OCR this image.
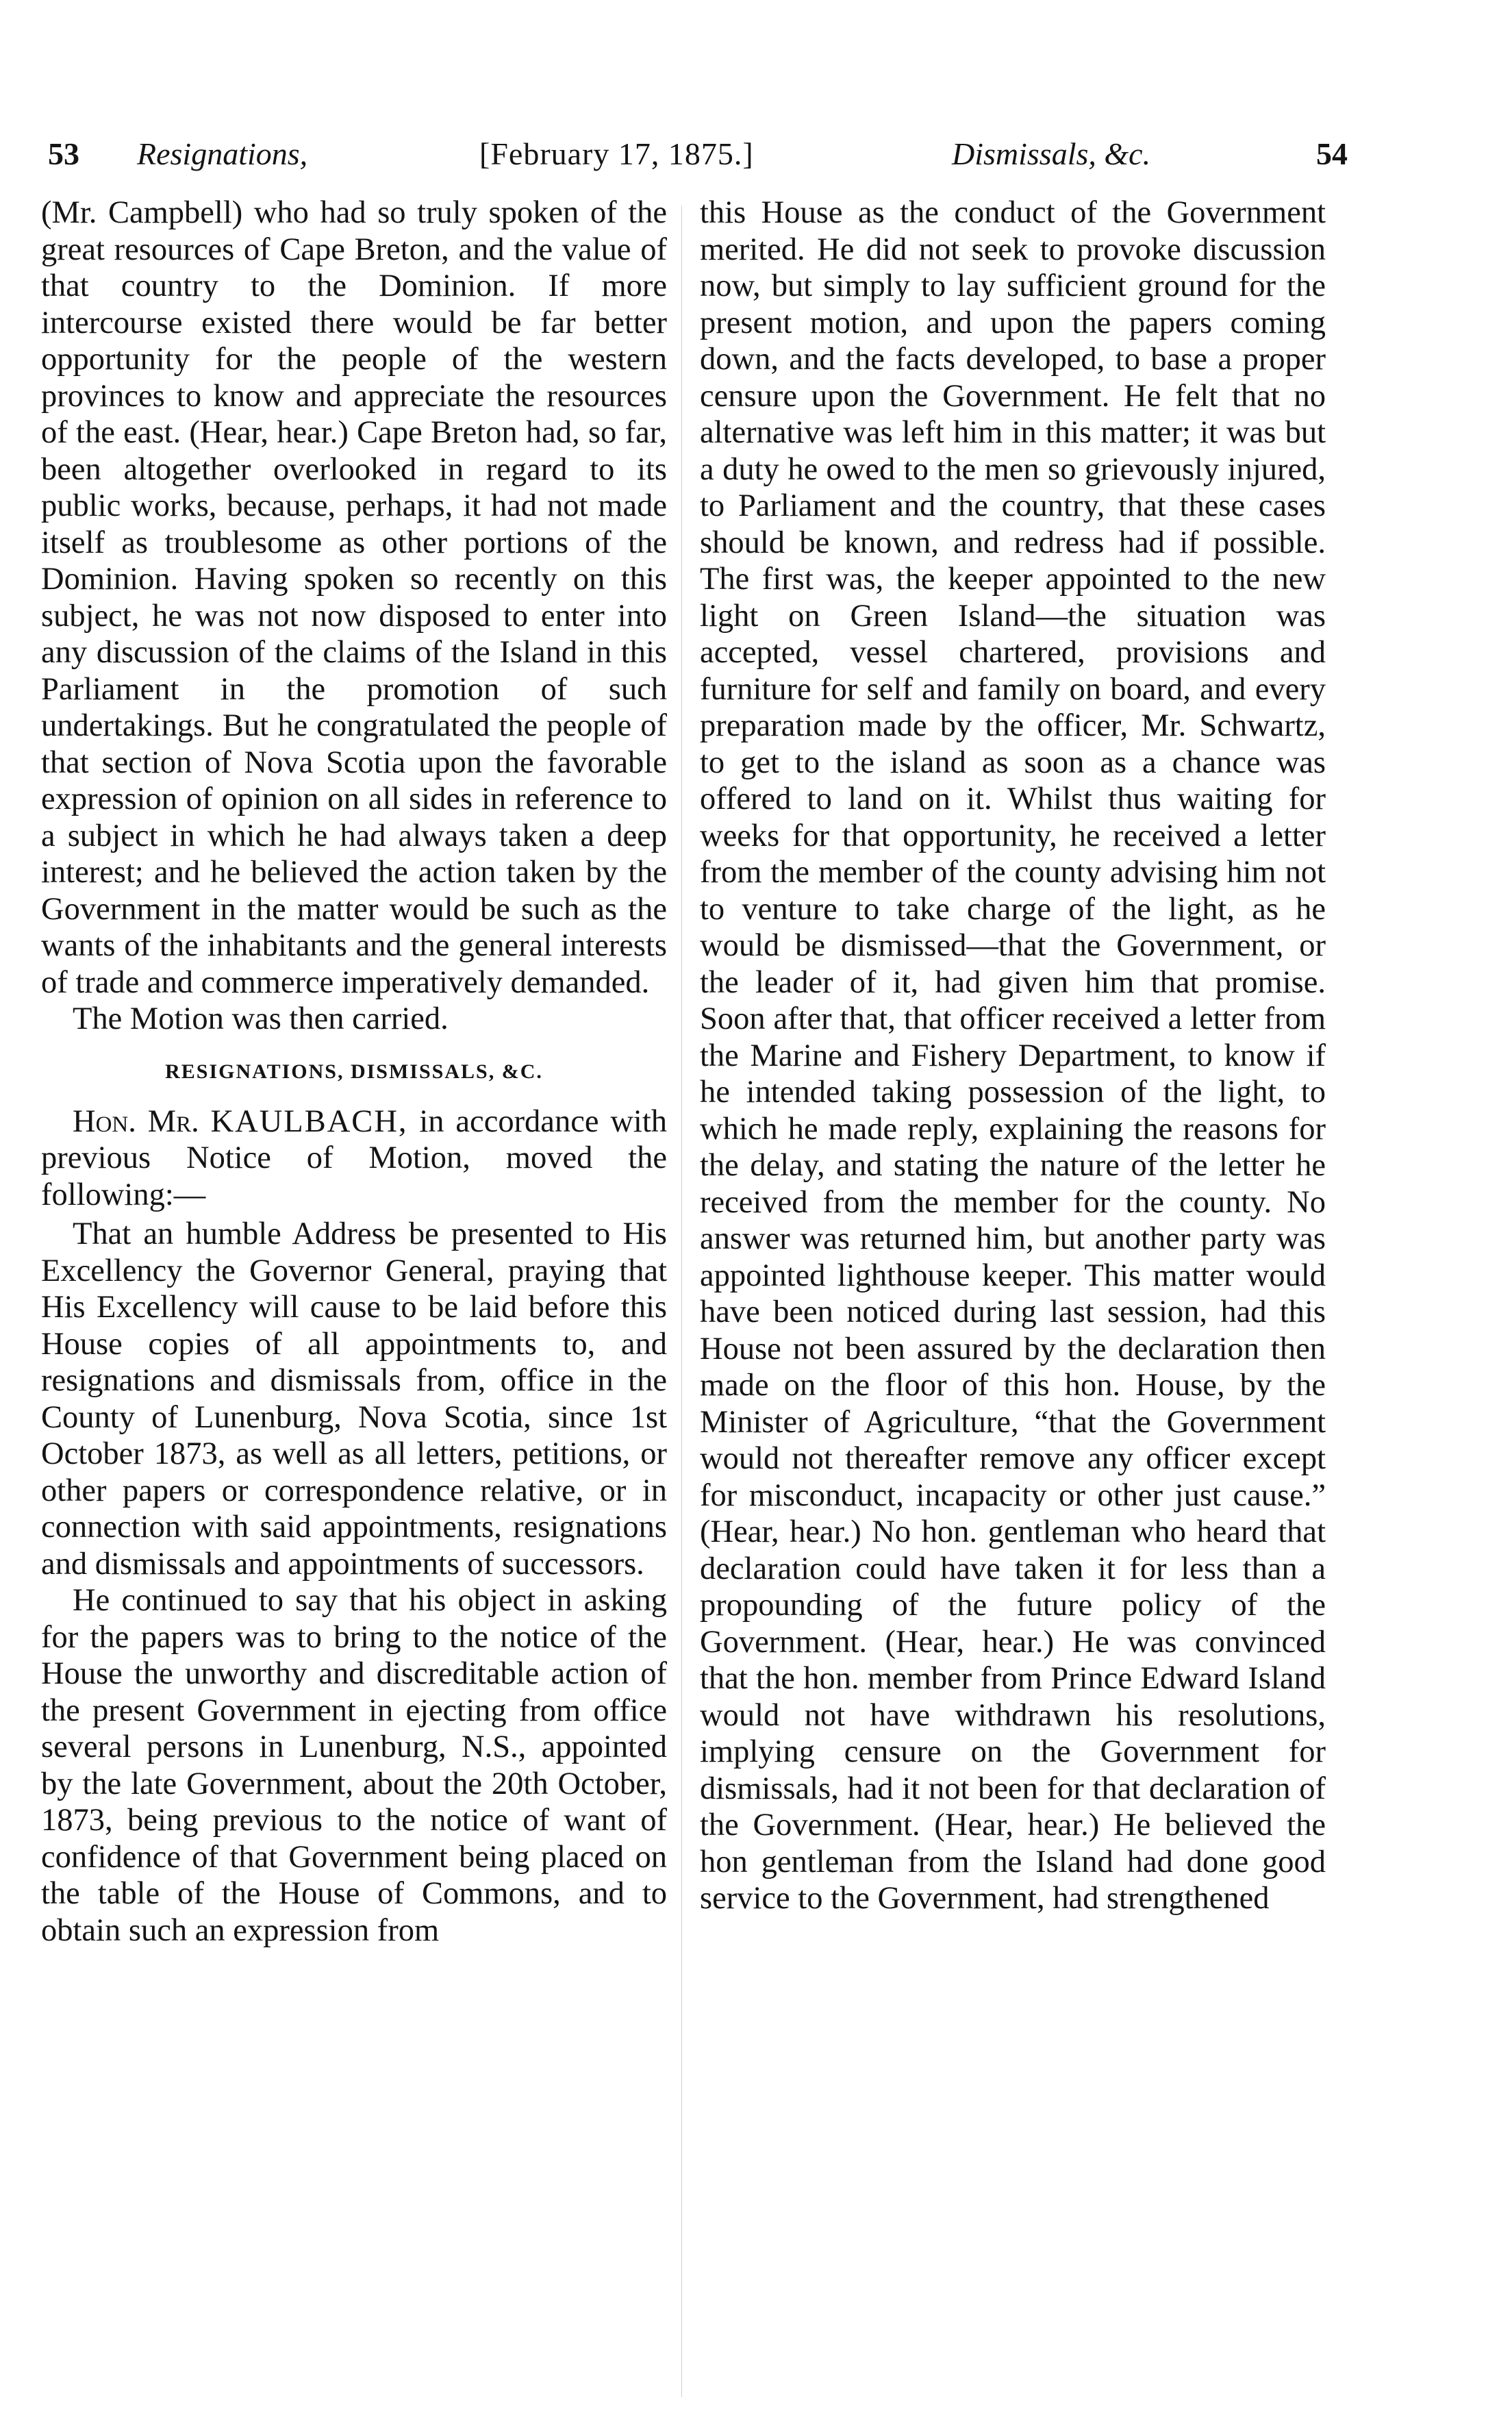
53 Resignations,	[February 17, 1875.]	Dismissals, &c.	54

(Mr. Campbell) who had so truly spoken of the great resources of Cape Breton, and the value of that country to the Dominion. If more intercourse existed there would be far better opportunity for the people of the western provinces to know and appreciate the resources of the east. (Hear, hear.) Cape Breton had, so far, been altogether overlooked in regard to its public works, because, perhaps, it had not made itself as troublesome as other portions of the Dominion. Having spoken so recently on this subject, he was not now disposed to enter into any discussion of the claims of the Island in this Parliament in the promotion of such undertakings. But he congratulated the people of that section of Nova Scotia upon the favorable expression of opinion on all sides in reference to a subject in which he had always taken a deep interest; and he believed the action taken by the Government in the matter would be such as the wants of the inhabitants and the general interests of trade and commerce imperatively demanded.

The Motion was then carried.

RESIGNATIONS, DISMISSALS, &C.

Hon. Mr. KAULBACH, in accordance with previous Notice of Motion, moved the following:—

That an humble Address be presented to His Excellency the Governor General, praying that His Excellency will cause to be laid before this House copies of all appointments to, and resignations and dismissals from, office in the County of Lunenburg, Nova Scotia, since 1st October 1873, as well as all letters, petitions, or other papers or correspondence relative, or in connection with said appointments, resignations and dismissals and appointments of successors.

He continued to say that his object in asking for the papers was to bring to the notice of the House the unworthy and discreditable action of the present Government in ejecting from office several persons in Lunenburg, N.S., appointed by the late Government, about the 20th October, 1873, being previous to the notice of want of confidence of that Government being placed on the table of the House of Commons, and to obtain such an expression from

this House as the conduct of the Government merited. He did not seek to provoke discussion now, but simply to lay sufficient ground for the present motion, and upon the papers coming down, and the facts developed, to base a proper censure upon the Government. He felt that no alternative was left him in this matter; it was but a duty he owed to the men so grievously injured, to Parliament and the country, that these cases should be known, and redress had if possible. The first was, the keeper appointed to the new light on Green Island—the situation was accepted, vessel chartered, provisions and furniture for self and family on board, and every preparation made by the officer, Mr. Schwartz, to get to the island as soon as a chance was offered to land on it. Whilst thus waiting for weeks for that opportunity, he received a letter from the member of the county advising him not to venture to take charge of the light, as he would be dismissed—that the Government, or the leader of it, had given him that promise. Soon after that, that officer received a letter from the Marine and Fishery Department, to know if he intended taking possession of the light, to which he made reply, explaining the reasons for the delay, and stating the nature of the letter he received from the member for the county. No answer was returned him, but another party was appointed lighthouse keeper. This matter would have been noticed during last session, had this House not been assured by the declaration then made on the floor of this hon. House, by the Minister of Agriculture, “that the Government would not thereafter remove any officer except for misconduct, incapacity or other just cause.” (Hear, hear.) No hon. gentleman who heard that declaration could have taken it for less than a propounding of the future policy of the Government. (Hear, hear.) He was convinced that the hon. member from Prince Edward Island would not have withdrawn his resolutions, implying censure on the Government for dismissals, had it not been for that declaration of the Government. (Hear, hear.) He believed the hon gentleman from the Island had done good service to the Government, had strengthened
